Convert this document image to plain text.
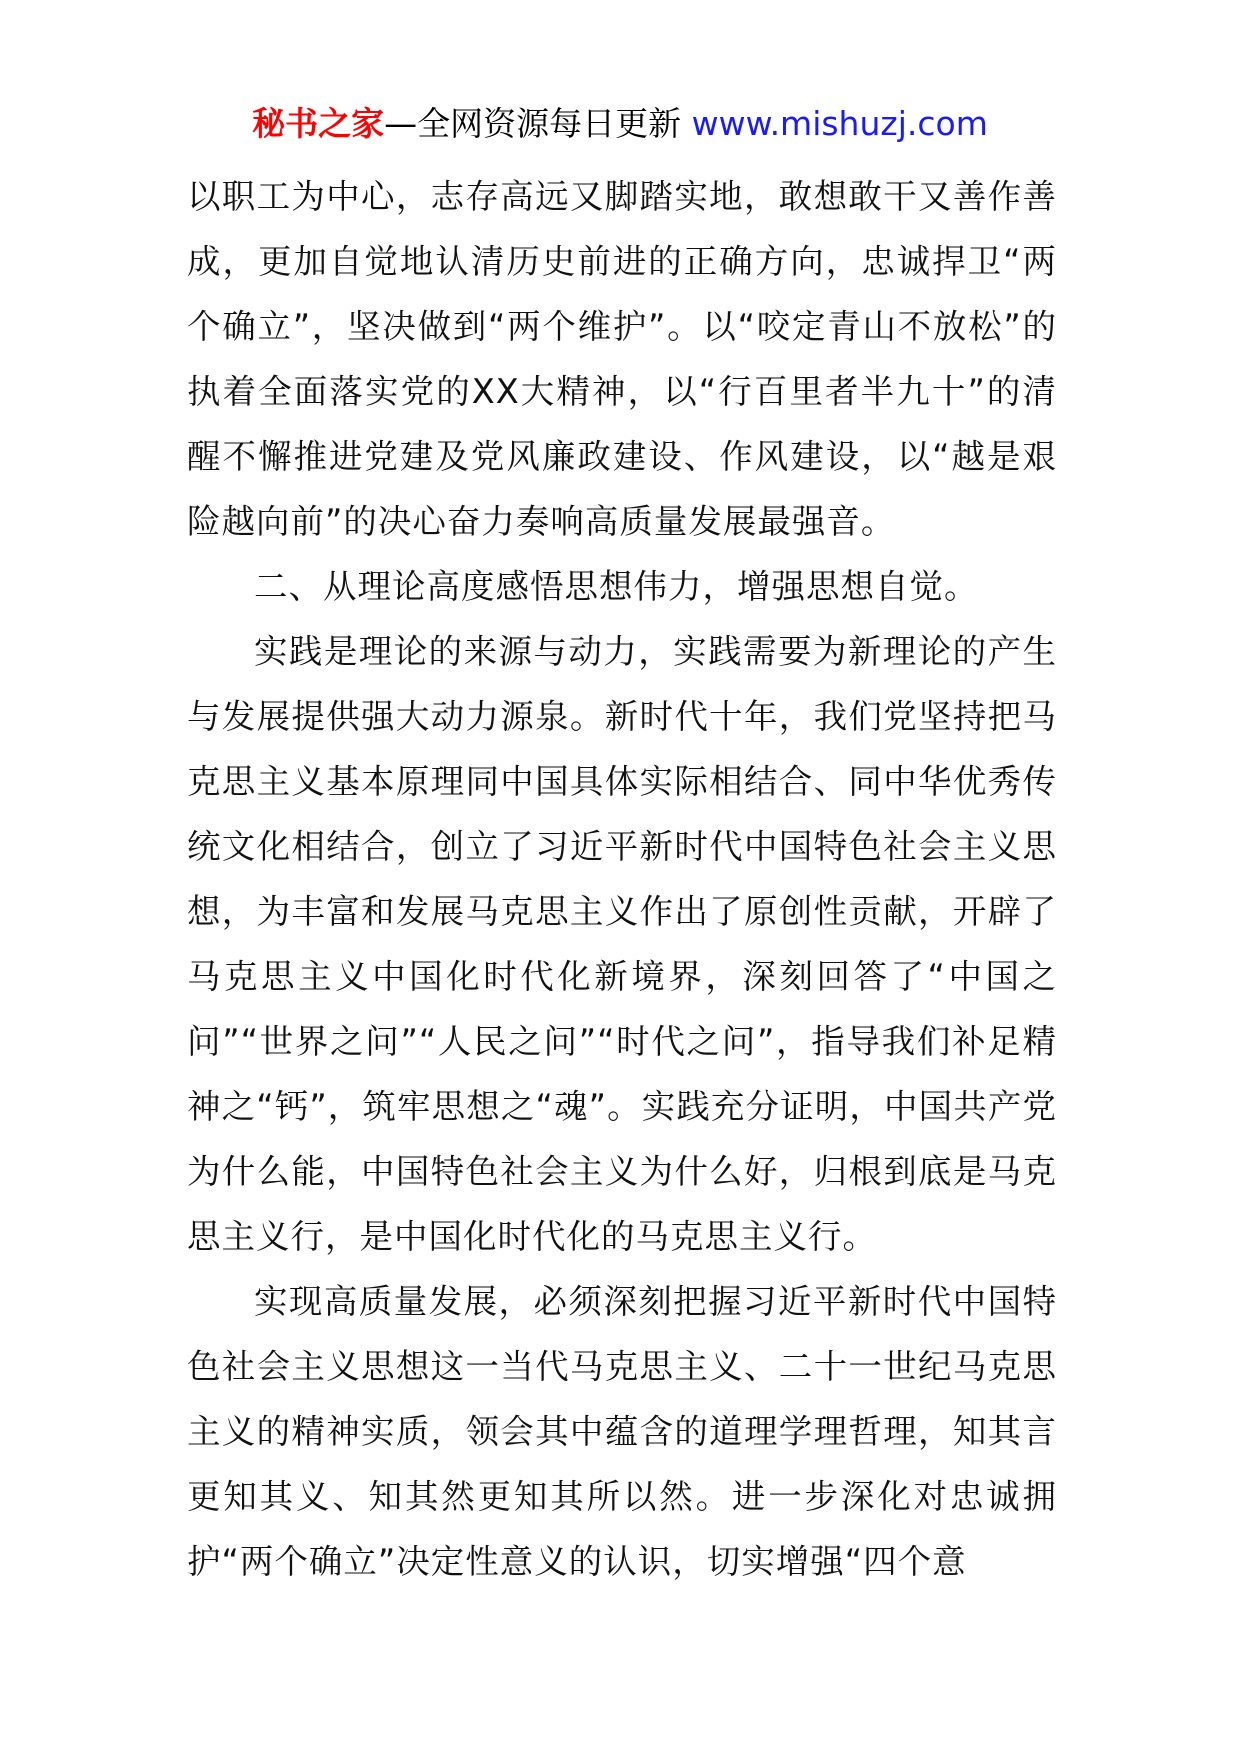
秘书之家—全网资源每日更新 www.mishuzj.com

以职工为中心，志存高远又脚踏实地，敢想敢干又善作善成，更加自觉地认清历史前进的正确方向，忠诚捍卫“两个确立”，坚决做到“两个维护”。以“咬定青山不放松”的执着全面落实党的XX大精神，以“行百里者半九十”的清醒不懈推进党建及党风廉政建设、作风建设，以“越是艰险越向前”的决心奋力奏响高质量发展最强音。

二、从理论高度感悟思想伟力，增强思想自觉。

实践是理论的来源与动力，实践需要为新理论的产生与发展提供强大动力源泉。新时代十年，我们党坚持把马克思主义基本原理同中国具体实际相结合、同中华优秀传统文化相结合，创立了习近平新时代中国特色社会主义思想，为丰富和发展马克思主义作出了原创性贡献，开辟了马克思主义中国化时代化新境界，深刻回答了“中国之问”“世界之问”“人民之问”“时代之问”，指导我们补足精神之“钙”，筑牢思想之“魂”。实践充分证明，中国共产党为什么能，中国特色社会主义为什么好，归根到底是马克思主义行，是中国化时代化的马克思主义行。

实现高质量发展，必须深刻把握习近平新时代中国特色社会主义思想这一当代马克思主义、二十一世纪马克思主义的精神实质，领会其中蕴含的道理学理哲理，知其言更知其义、知其然更知其所以然。进一步深化对忠诚拥护“两个确立”决定性意义的认识，切实增强“四个意
